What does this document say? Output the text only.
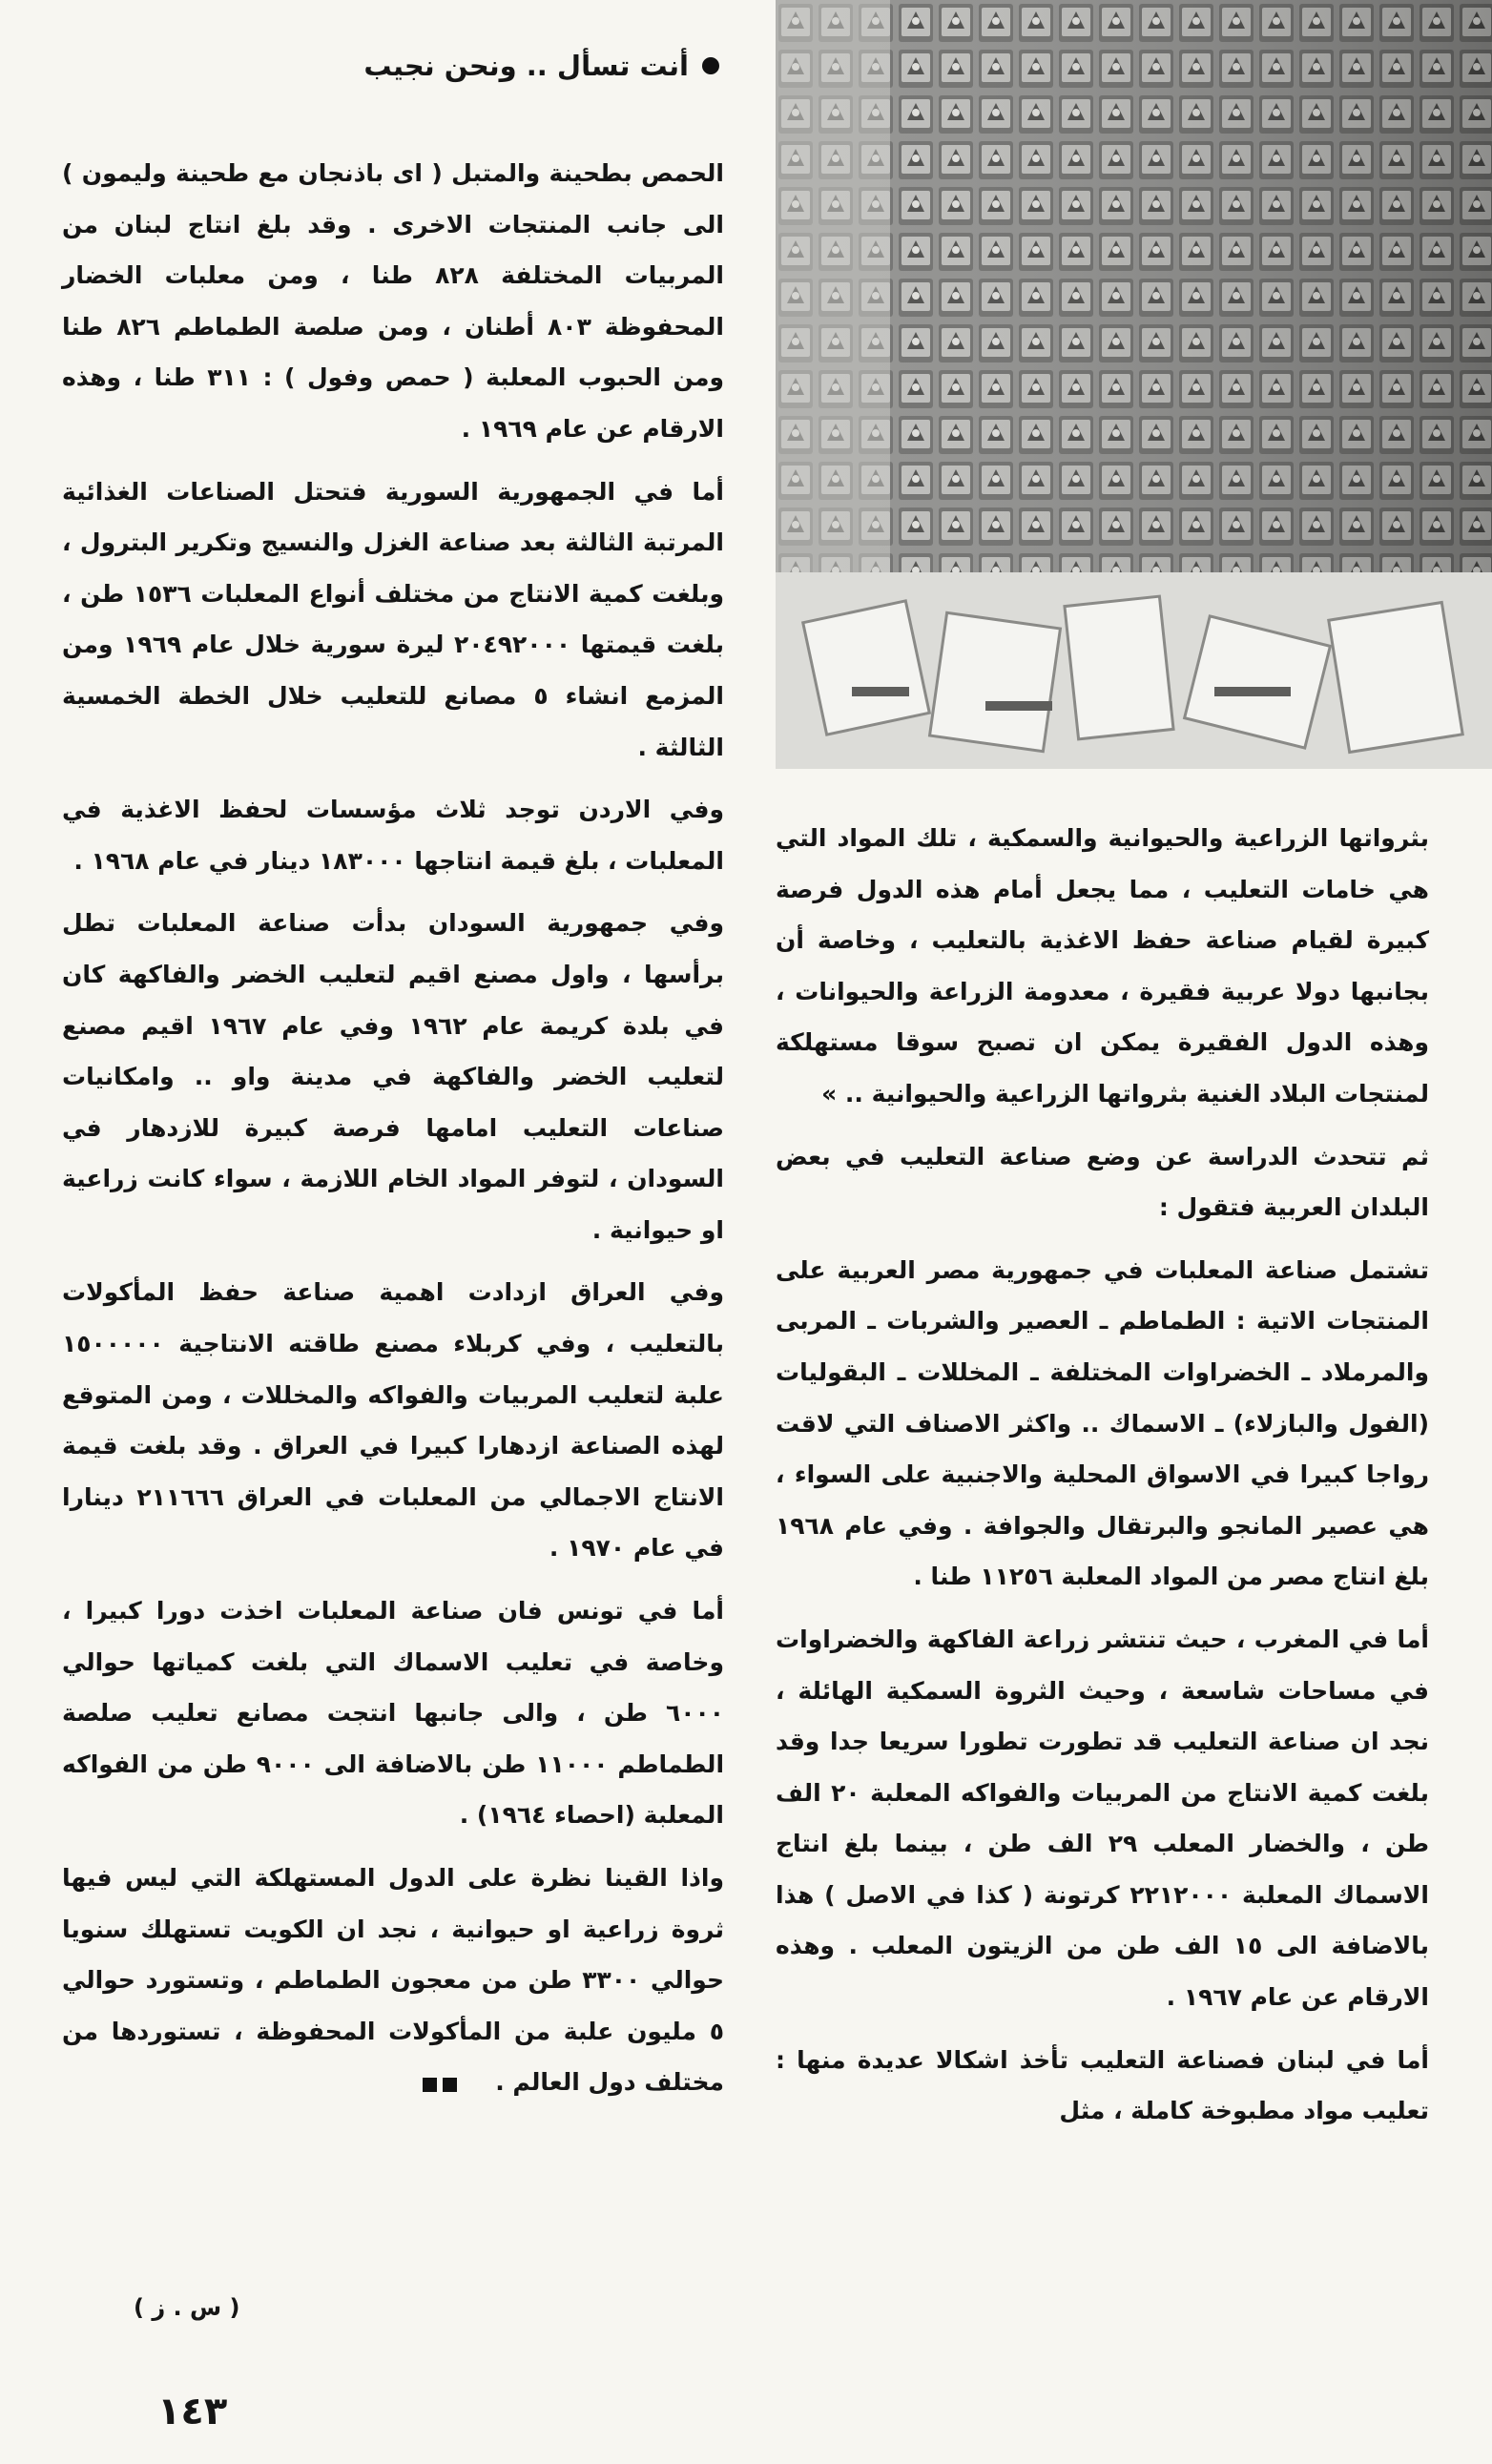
أنت تسأل .. ونحن نجيب

بثرواتها الزراعية والحيوانية والسمكية ، تلك المواد التي هي خامات التعليب ، مما يجعل أمام هذه الدول فرصة كبيرة لقيام صناعة حفظ الاغذية بالتعليب ، وخاصة أن بجانبها دولا عربية فقيرة ، معدومة الزراعة والحيوانات ، وهذه الدول الفقيرة يمكن ان تصبح سوقا مستهلكة لمنتجات البلاد الغنية بثرواتها الزراعية والحيوانية .. »

ثم تتحدث الدراسة عن وضع صناعة التعليب في بعض البلدان العربية فتقول :

تشتمل صناعة المعلبات في جمهورية مصر العربية على المنتجات الاتية : الطماطم ـ العصير والشربات ـ المربى والمرملاد ـ الخضراوات المختلفة ـ المخللات ـ البقوليات (الفول والبازلاء) ـ الاسماك .. واكثر الاصناف التي لاقت رواجا كبيرا في الاسواق المحلية والاجنبية على السواء ، هي عصير المانجو والبرتقال والجوافة . وفي عام ١٩٦٨ بلغ انتاج مصر من المواد المعلبة ١١٢٥٦ طنا .

أما في المغرب ، حيث تنتشر زراعة الفاكهة والخضراوات في مساحات شاسعة ، وحيث الثروة السمكية الهائلة ، نجد ان صناعة التعليب قد تطورت تطورا سريعا جدا وقد بلغت كمية الانتاج من المربيات والفواكه المعلبة ٢٠ الف طن ، والخضار المعلب ٢٩ الف طن ، بينما بلغ انتاج الاسماك المعلبة ٢٢١٢٠٠٠ كرتونة ( كذا في الاصل ) هذا بالاضافة الى ١٥ الف طن من الزيتون المعلب . وهذه الارقام عن عام ١٩٦٧ .

أما في لبنان فصناعة التعليب تأخذ اشكالا عديدة منها : تعليب مواد مطبوخة كاملة ، مثل

الحمص بطحينة والمتبل ( اى باذنجان مع طحينة وليمون ) الى جانب المنتجات الاخرى . وقد بلغ انتاج لبنان من المربيات المختلفة ٨٢٨ طنا ، ومن معلبات الخضار المحفوظة ٨٠٣ أطنان ، ومن صلصة الطماطم ٨٢٦ طنا ومن الحبوب المعلبة ( حمص وفول ) : ٣١١ طنا ، وهذه الارقام عن عام ١٩٦٩ .

أما في الجمهورية السورية فتحتل الصناعات الغذائية المرتبة الثالثة بعد صناعة الغزل والنسيج وتكرير البترول ، وبلغت كمية الانتاج من مختلف أنواع المعلبات ١٥٣٦ طن ، بلغت قيمتها ٢٠٤٩٢٠٠٠ ليرة سورية خلال عام ١٩٦٩ ومن المزمع انشاء ٥ مصانع للتعليب خلال الخطة الخمسية الثالثة .

وفي الاردن توجد ثلاث مؤسسات لحفظ الاغذية في المعلبات ، بلغ قيمة انتاجها ١٨٣٠٠٠ دينار في عام ١٩٦٨ .

وفي جمهورية السودان بدأت صناعة المعلبات تطل برأسها ، واول مصنع اقيم لتعليب الخضر والفاكهة كان في بلدة كريمة عام ١٩٦٢ وفي عام ١٩٦٧ اقيم مصنع لتعليب الخضر والفاكهة في مدينة واو .. وامكانيات صناعات التعليب امامها فرصة كبيرة للازدهار في السودان ، لتوفر المواد الخام اللازمة ، سواء كانت زراعية او حيوانية .

وفي العراق ازدادت اهمية صناعة حفظ المأكولات بالتعليب ، وفي كربلاء مصنع طاقته الانتاجية ١٥٠٠٠٠٠ علبة لتعليب المربيات والفواكه والمخللات ، ومن المتوقع لهذه الصناعة ازدهارا كبيرا في العراق . وقد بلغت قيمة الانتاج الاجمالي من المعلبات في العراق ٢١١٦٦٦ دينارا في عام ١٩٧٠ .

أما في تونس فان صناعة المعلبات اخذت دورا كبيرا ، وخاصة في تعليب الاسماك التي بلغت كمياتها حوالي ٦٠٠٠ طن ، والى جانبها انتجت مصانع تعليب صلصة الطماطم ١١٠٠٠ طن بالاضافة الى ٩٠٠٠ طن من الفواكه المعلبة (احصاء ١٩٦٤) .

واذا القينا نظرة على الدول المستهلكة التي ليس فيها ثروة زراعية او حيوانية ، نجد ان الكويت تستهلك سنويا حوالي ٣٣٠٠ طن من معجون الطماطم ، وتستورد حوالي ٥ مليون علبة من المأكولات المحفوظة ، تستوردها من مختلف دول العالم .

( س . ز )
١٤٣
